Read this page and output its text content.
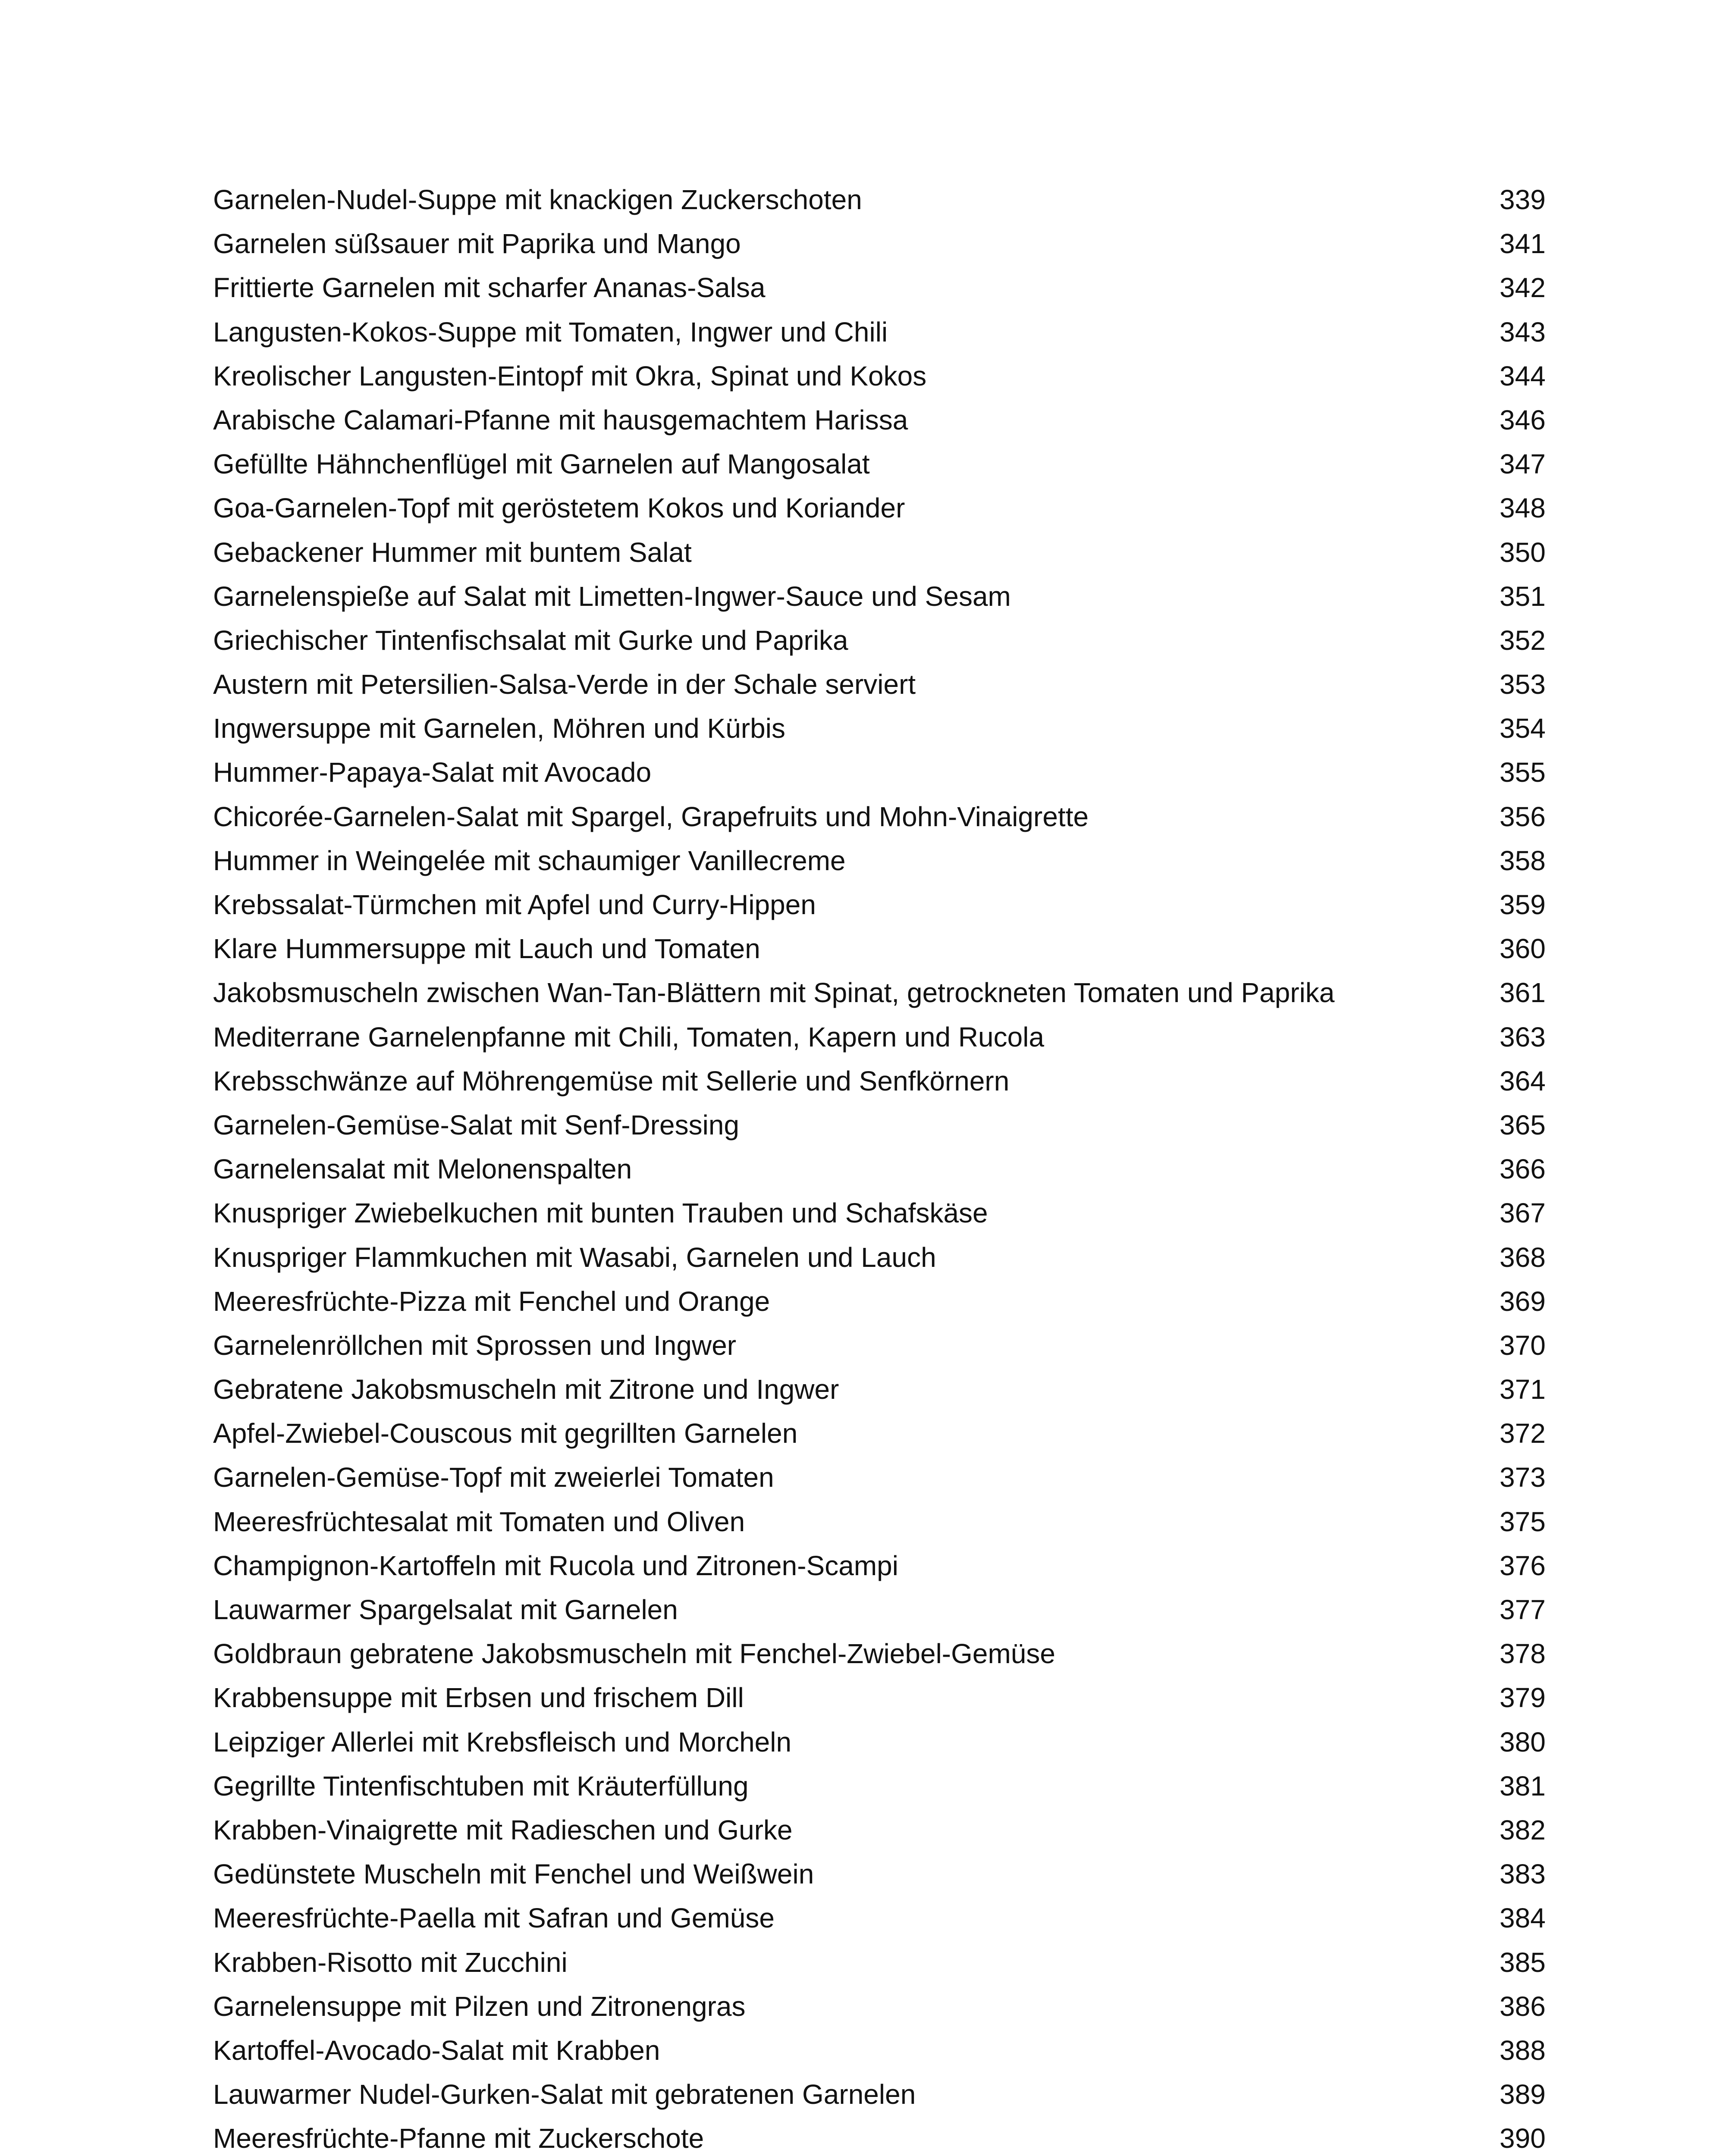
Garnelen-Nudel-Suppe mit knackigen Zuckerschoten	339
Garnelen süßsauer mit Paprika und Mango	341
Frittierte Garnelen mit scharfer Ananas-Salsa	342
Langusten-Kokos-Suppe mit Tomaten, Ingwer und Chili	343
Kreolischer Langusten-Eintopf mit Okra, Spinat und Kokos	344
Arabische Calamari-Pfanne mit hausgemachtem Harissa	346
Gefüllte Hähnchenflügel mit Garnelen auf Mangosalat	347
Goa-Garnelen-Topf mit geröstetem Kokos und Koriander	348
Gebackener Hummer mit buntem Salat	350
Garnelenspieße auf Salat mit Limetten-Ingwer-Sauce und Sesam	351
Griechischer Tintenfischsalat mit Gurke und Paprika	352
Austern mit Petersilien-Salsa-Verde in der Schale serviert	353
Ingwersuppe mit Garnelen, Möhren und Kürbis	354
Hummer-Papaya-Salat mit Avocado	355
Chicorée-Garnelen-Salat mit Spargel, Grapefruits und Mohn-Vinaigrette	356
Hummer in Weingelée mit schaumiger Vanillecreme	358
Krebssalat-Türmchen mit Apfel und Curry-Hippen	359
Klare Hummersuppe mit Lauch und Tomaten	360
Jakobsmuscheln zwischen Wan-Tan-Blättern mit Spinat, getrockneten Tomaten und Paprika	361
Mediterrane Garnelenpfanne mit Chili, Tomaten, Kapern und Rucola	363
Krebsschwänze auf Möhrengemüse mit Sellerie und Senfkörnern	364
Garnelen-Gemüse-Salat mit Senf-Dressing	365
Garnelensalat mit Melonenspalten	366
Knuspriger Zwiebelkuchen mit bunten Trauben und Schafskäse	367
Knuspriger Flammkuchen mit Wasabi, Garnelen und Lauch	368
Meeresfrüchte-Pizza mit Fenchel und Orange	369
Garnelenröllchen mit Sprossen und Ingwer	370
Gebratene Jakobsmuscheln mit Zitrone und Ingwer	371
Apfel-Zwiebel-Couscous mit gegrillten Garnelen	372
Garnelen-Gemüse-Topf mit zweierlei Tomaten	373
Meeresfrüchtesalat mit Tomaten und Oliven	375
Champignon-Kartoffeln mit Rucola und Zitronen-Scampi	376
Lauwarmer Spargelsalat mit Garnelen	377
Goldbraun gebratene Jakobsmuscheln mit Fenchel-Zwiebel-Gemüse	378
Krabbensuppe mit Erbsen und frischem Dill	379
Leipziger Allerlei mit Krebsfleisch und Morcheln	380
Gegrillte Tintenfischtuben mit Kräuterfüllung	381
Krabben-Vinaigrette mit Radieschen und Gurke	382
Gedünstete Muscheln mit Fenchel und Weißwein	383
Meeresfrüchte-Paella mit Safran und Gemüse	384
Krabben-Risotto mit Zucchini	385
Garnelensuppe mit Pilzen und Zitronengras	386
Kartoffel-Avocado-Salat mit Krabben	388
Lauwarmer Nudel-Gurken-Salat mit gebratenen Garnelen	389
Meeresfrüchte-Pfanne mit Zuckerschote	390
